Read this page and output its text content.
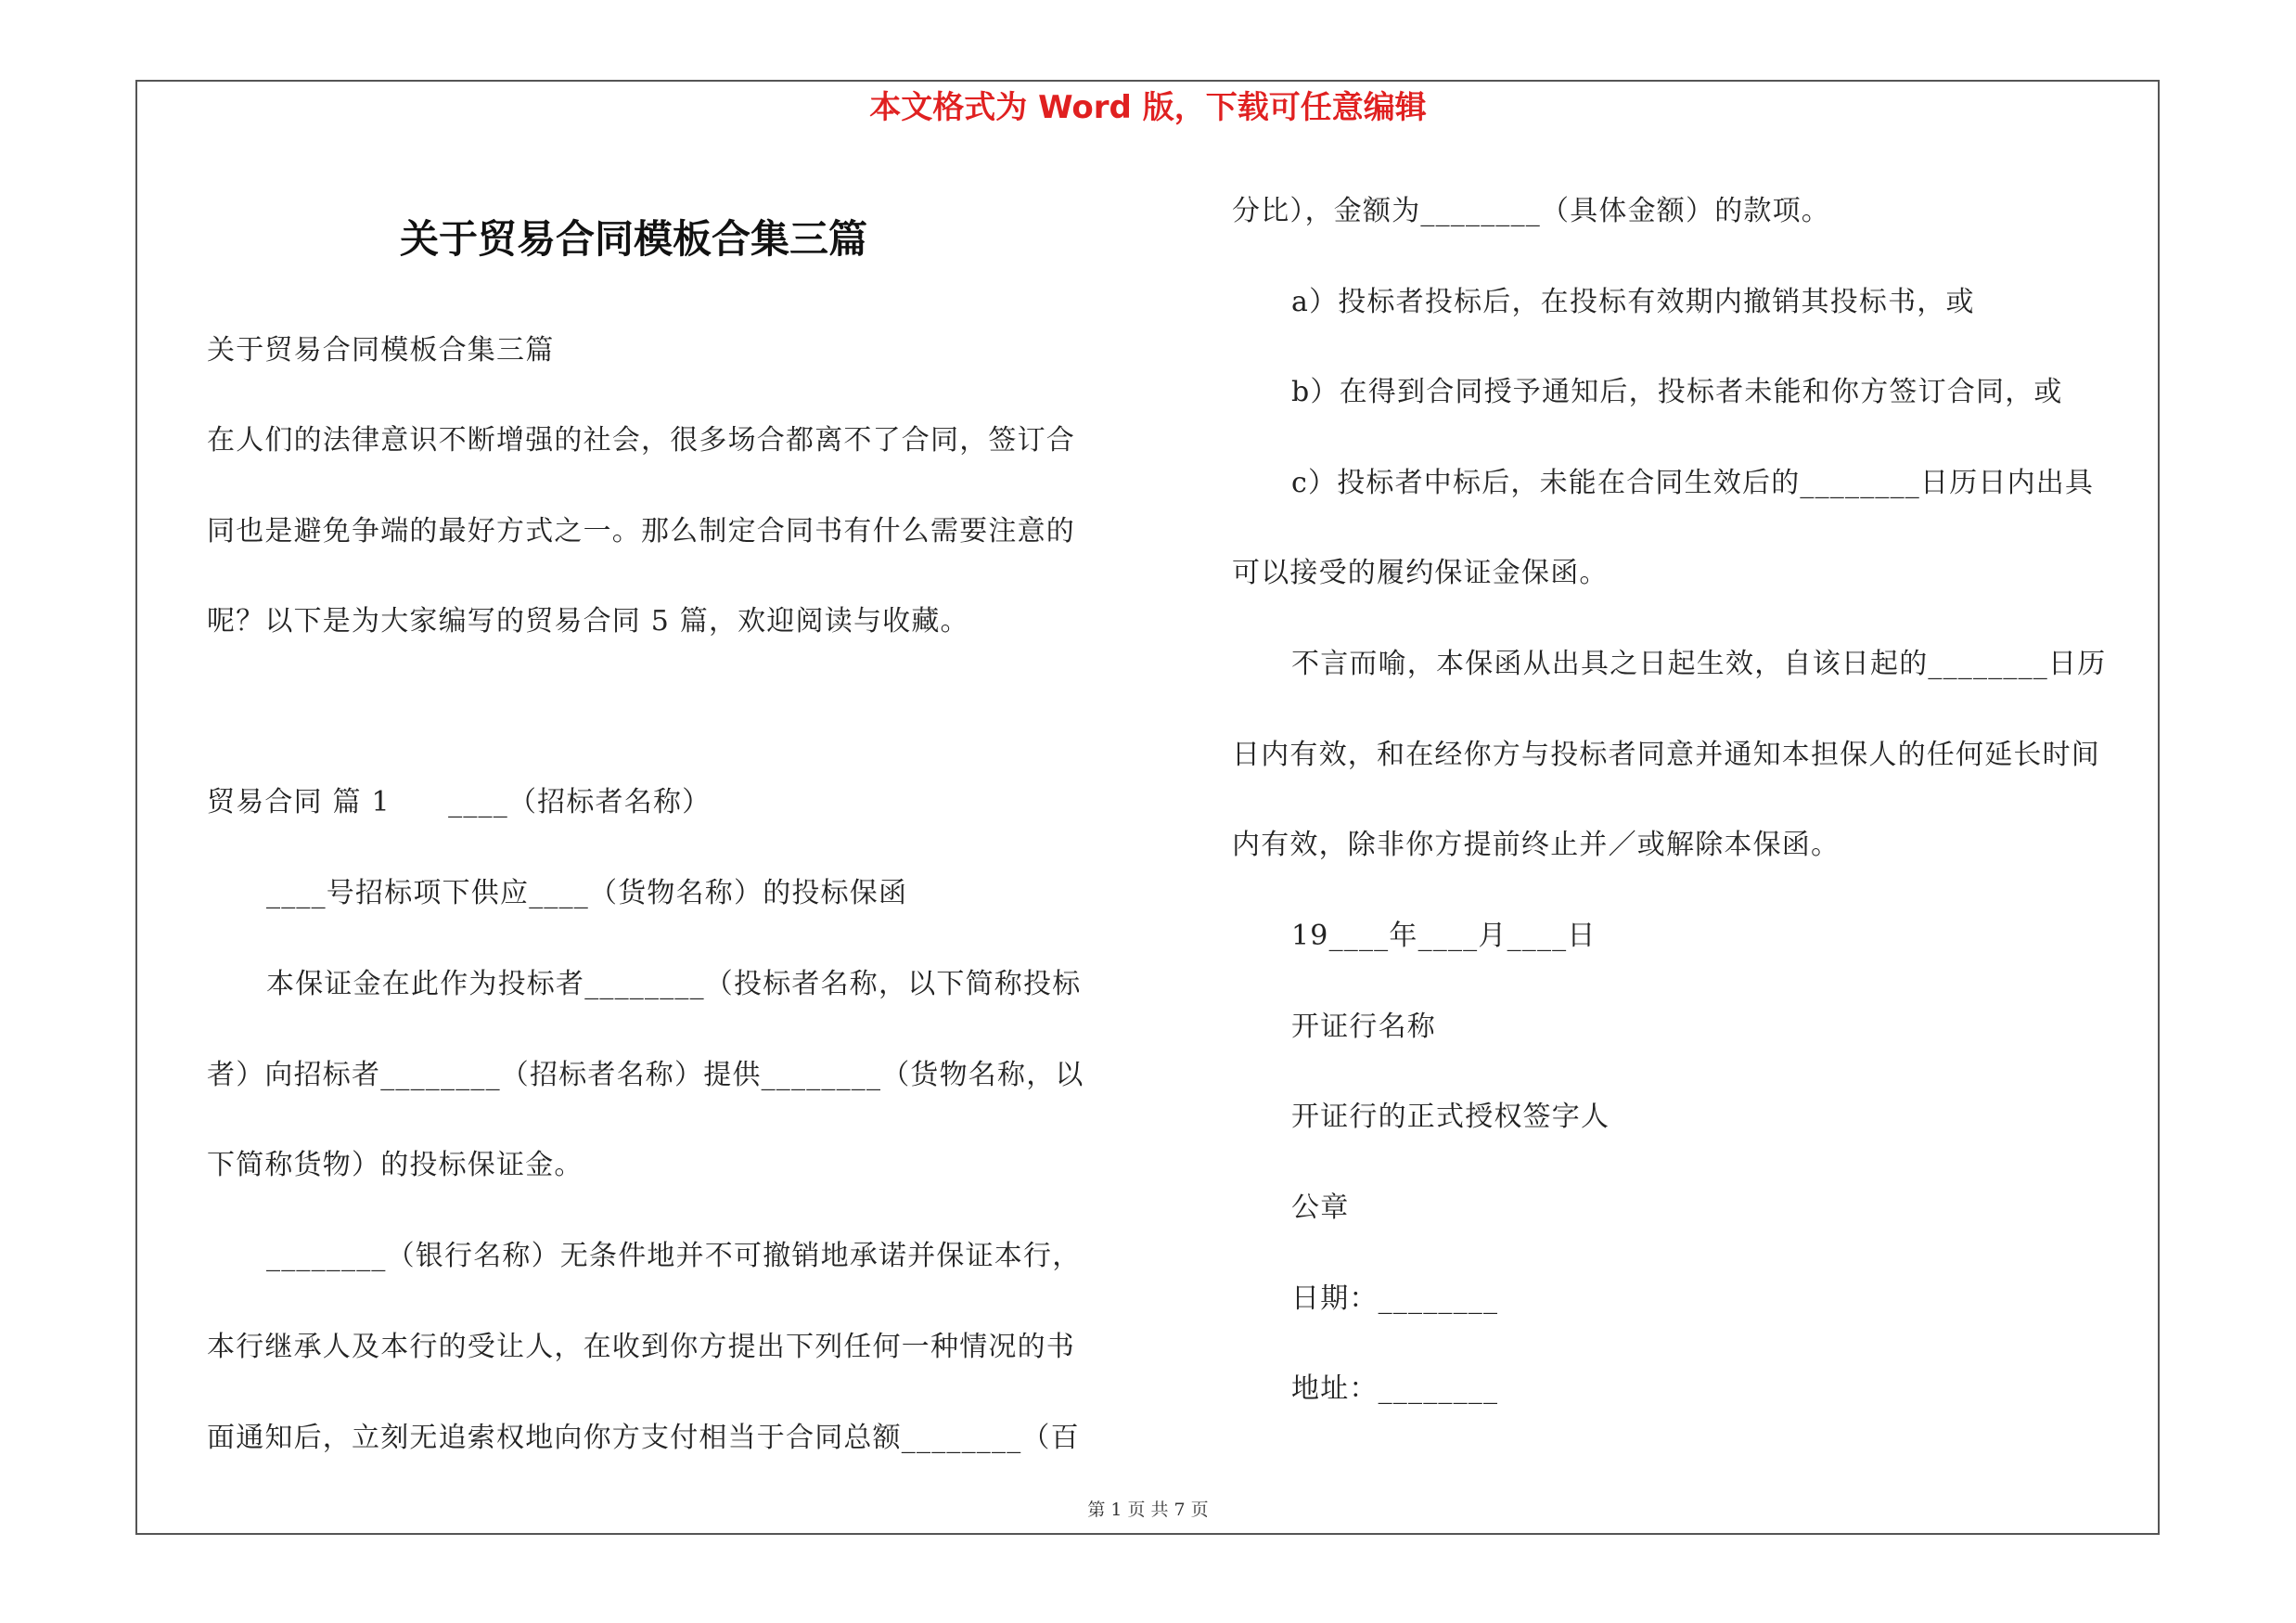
本文格式为 Word 版，下载可任意编辑
关于贸易合同模板合集三篇
关于贸易合同模板合集三篇
在人们的法律意识不断增强的社会，很多场合都离不了合同，签订合
同也是避免争端的最好方式之一。那么制定合同书有什么需要注意的
呢？以下是为大家编写的贸易合同 5 篇，欢迎阅读与收藏。
贸易合同 篇 1　　____（招标者名称）
____号招标项下供应____（货物名称）的投标保函
本保证金在此作为投标者________（投标者名称，以下简称投标
者）向招标者________（招标者名称）提供________（货物名称，以
下简称货物）的投标保证金。
________（银行名称）无条件地并不可撤销地承诺并保证本行，
本行继承人及本行的受让人，在收到你方提出下列任何一种情况的书
面通知后，立刻无追索权地向你方支付相当于合同总额________（百
分比），金额为________（具体金额）的款项。
a）投标者投标后，在投标有效期内撤销其投标书，或
b）在得到合同授予通知后，投标者未能和你方签订合同，或
c）投标者中标后，未能在合同生效后的________日历日内出具
可以接受的履约保证金保函。
不言而喻，本保函从出具之日起生效，自该日起的________日历
日内有效，和在经你方与投标者同意并通知本担保人的任何延长时间
内有效，除非你方提前终止并／或解除本保函。
19____年____月____日
开证行名称
开证行的正式授权签字人
公章
日期：________
地址：________
第 1 页 共 7 页
